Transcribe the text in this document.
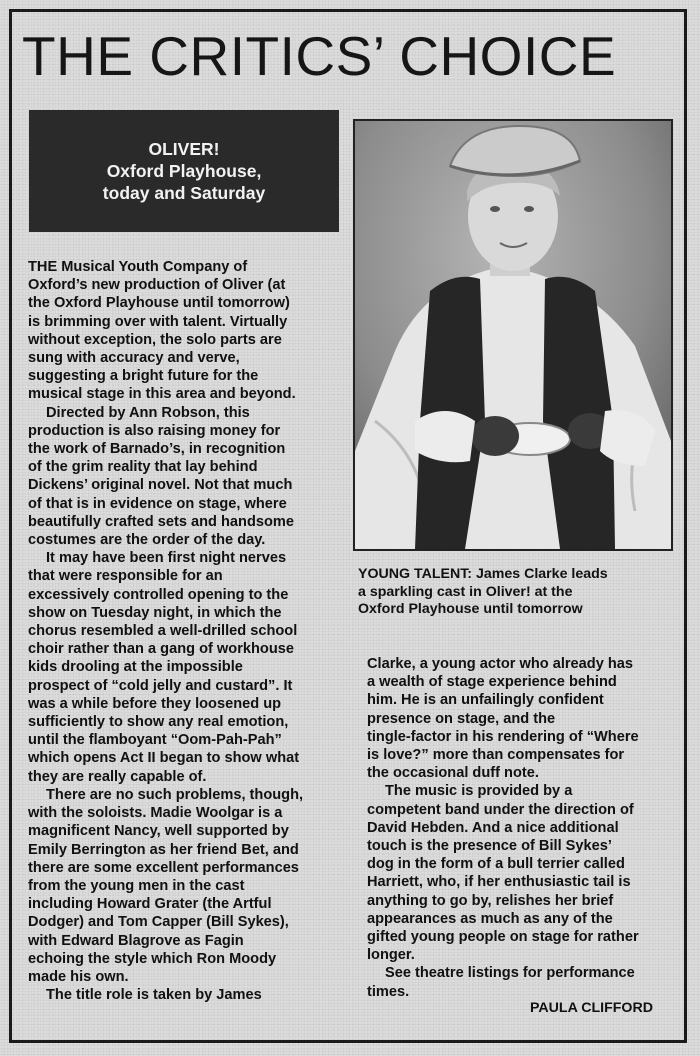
THE CRITICS’ CHOICE
OLIVER!
Oxford Playhouse,
today and Saturday
YOUNG TALENT: James Clarke leads
a sparkling cast in Oliver! at the
Oxford Playhouse until tomorrow
THE Musical Youth Company of
Oxford’s new production of Oliver (at
the Oxford Playhouse until tomorrow)
is brimming over with talent. Virtually
without exception, the solo parts are
sung with accuracy and verve,
suggesting a bright future for the
musical stage in this area and beyond.
Directed by Ann Robson, this
production is also raising money for
the work of Barnado’s, in recognition
of the grim reality that lay behind
Dickens’ original novel. Not that much
of that is in evidence on stage, where
beautifully crafted sets and handsome
costumes are the order of the day.
It may have been first night nerves
that were responsible for an
excessively controlled opening to the
show on Tuesday night, in which the
chorus resembled a well-drilled school
choir rather than a gang of workhouse
kids drooling at the impossible
prospect of “cold jelly and custard”. It
was a while before they loosened up
sufficiently to show any real emotion,
until the flamboyant “Oom-Pah-Pah”
which opens Act II began to show what
they are really capable of.
There are no such problems, though,
with the soloists. Madie Woolgar is a
magnificent Nancy, well supported by
Emily Berrington as her friend Bet, and
there are some excellent performances
from the young men in the cast
including Howard Grater (the Artful
Dodger) and Tom Capper (Bill Sykes),
with Edward Blagrove as Fagin
echoing the style which Ron Moody
made his own.
The title role is taken by James
Clarke, a young actor who already has
a wealth of stage experience behind
him. He is an unfailingly confident
presence on stage, and the
tingle-factor in his rendering of “Where
is love?” more than compensates for
the occasional duff note.
The music is provided by a
competent band under the direction of
David Hebden. And a nice additional
touch is the presence of Bill Sykes’
dog in the form of a bull terrier called
Harriett, who, if her enthusiastic tail is
anything to go by, relishes her brief
appearances as much as any of the
gifted young people on stage for rather
longer.
See theatre listings for performance
times.
PAULA CLIFFORD
